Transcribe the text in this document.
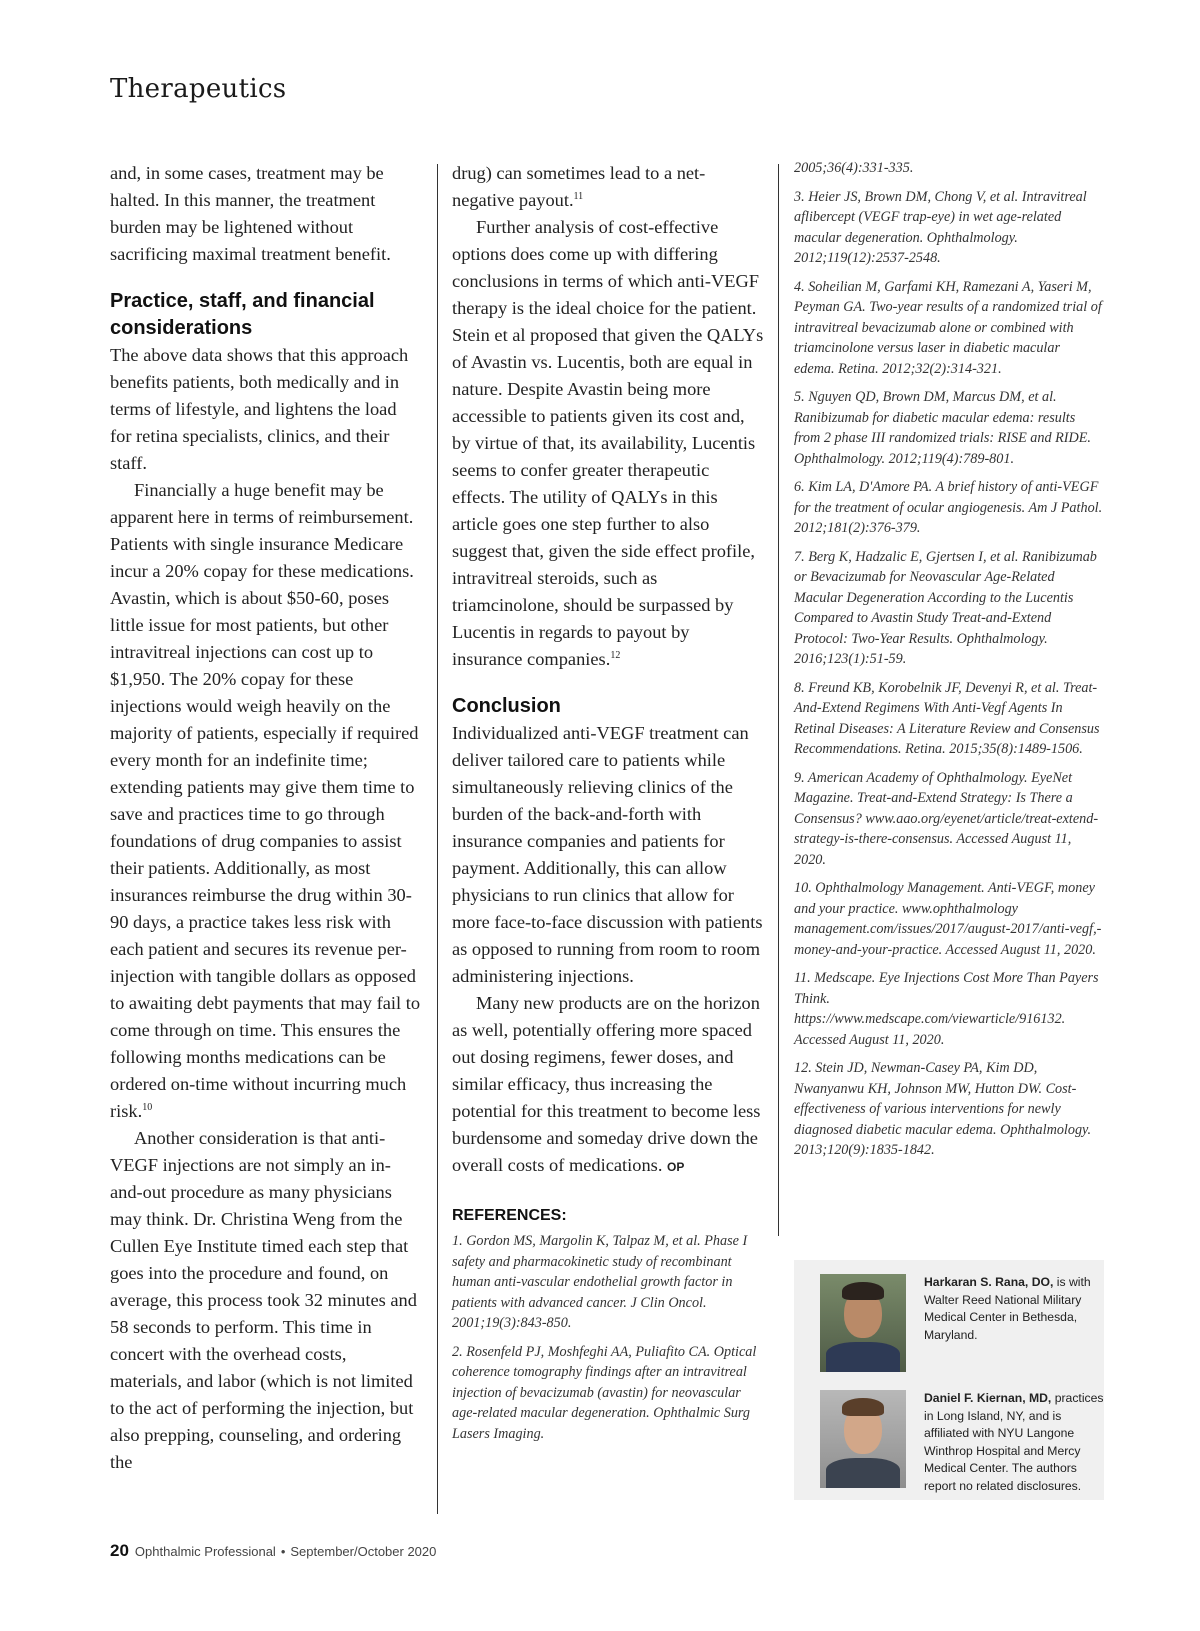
Therapeutics

and, in some cases, treatment may be halted. In this manner, the treatment burden may be lightened without sacrificing maximal treatment benefit.

Practice, staff, and financial considerations

The above data shows that this approach benefits patients, both medically and in terms of lifestyle, and lightens the load for retina specialists, clinics, and their staff.

Financially a huge benefit may be apparent here in terms of reimbursement. Patients with single insurance Medicare incur a 20% copay for these medications. Avastin, which is about $50-60, poses little issue for most patients, but other intravitreal injections can cost up to $1,950. The 20% copay for these injections would weigh heavily on the majority of patients, especially if required every month for an indefinite time; extending patients may give them time to save and practices time to go through foundations of drug companies to assist their patients. Additionally, as most insurances reimburse the drug within 30-90 days, a practice takes less risk with each patient and secures its revenue per-injection with tangible dollars as opposed to awaiting debt payments that may fail to come through on time. This ensures the following months medications can be ordered on-time without incurring much risk.$^{10}$

Another consideration is that anti-VEGF injections are not simply an in-and-out procedure as many physicians may think. Dr. Christina Weng from the Cullen Eye Institute timed each step that goes into the procedure and found, on average, this process took 32 minutes and 58 seconds to perform. This time in concert with the overhead costs, materials, and labor (which is not limited to the act of performing the injection, but also prepping, counseling, and ordering the

drug) can sometimes lead to a net-negative payout.$^{11}$

Further analysis of cost-effective options does come up with differing conclusions in terms of which anti-VEGF therapy is the ideal choice for the patient. Stein et al proposed that given the QALYs of Avastin vs. Lucentis, both are equal in nature. Despite Avastin being more accessible to patients given its cost and, by virtue of that, its availability, Lucentis seems to confer greater therapeutic effects. The utility of QALYs in this article goes one step further to also suggest that, given the side effect profile, intravitreal steroids, such as triamcinolone, should be surpassed by Lucentis in regards to payout by insurance companies.$^{12}$

Conclusion

Individualized anti-VEGF treatment can deliver tailored care to patients while simultaneously relieving clinics of the burden of the back-and-forth with insurance companies and patients for payment. Additionally, this can allow physicians to run clinics that allow for more face-to-face discussion with patients as opposed to running from room to room administering injections.

Many new products are on the horizon as well, potentially offering more spaced out dosing regimens, fewer doses, and similar efficacy, thus increasing the potential for this treatment to become less burdensome and someday drive down the overall costs of medications. OP

REFERENCES:

1. Gordon MS, Margolin K, Talpaz M, et al. Phase I safety and pharmacokinetic study of recombinant human anti-vascular endothelial growth factor in patients with advanced cancer. J Clin Oncol. 2001;19(3):843-850.

2. Rosenfeld PJ, Moshfeghi AA, Puliafito CA. Optical coherence tomography findings after an intravitreal injection of bevacizumab (avastin) for neovascular age-related macular degeneration. Ophthalmic Surg Lasers Imaging.

2005;36(4):331-335.

3. Heier JS, Brown DM, Chong V, et al. Intravitreal aflibercept (VEGF trap-eye) in wet age-related macular degeneration. Ophthalmology. 2012;119(12):2537-2548.

4. Soheilian M, Garfami KH, Ramezani A, Yaseri M, Peyman GA. Two-year results of a randomized trial of intravitreal bevacizumab alone or combined with triamcinolone versus laser in diabetic macular edema. Retina. 2012;32(2):314-321.

5. Nguyen QD, Brown DM, Marcus DM, et al. Ranibizumab for diabetic macular edema: results from 2 phase III randomized trials: RISE and RIDE. Ophthalmology. 2012;119(4):789-801.

6. Kim LA, D'Amore PA. A brief history of anti-VEGF for the treatment of ocular angiogenesis. Am J Pathol. 2012;181(2):376-379.

7. Berg K, Hadzalic E, Gjertsen I, et al. Ranibizumab or Bevacizumab for Neovascular Age-Related Macular Degeneration According to the Lucentis Compared to Avastin Study Treat-and-Extend Protocol: Two-Year Results. Ophthalmology. 2016;123(1):51-59.

8. Freund KB, Korobelnik JF, Devenyi R, et al. Treat-And-Extend Regimens With Anti-Vegf Agents In Retinal Diseases: A Literature Review and Consensus Recommendations. Retina. 2015;35(8):1489-1506.

9. American Academy of Ophthalmology. EyeNet Magazine. Treat-and-Extend Strategy: Is There a Consensus? www.aao.org/eyenet/article/treat-extend-strategy-is-there-consensus. Accessed August 11, 2020.

10. Ophthalmology Management. Anti-VEGF, money and your practice. www.ophthalmology management.com/issues/2017/august-2017/anti-vegf,-money-and-your-practice. Accessed August 11, 2020.

11. Medscape. Eye Injections Cost More Than Payers Think. https://www.medscape.com/viewarticle/916132. Accessed August 11, 2020.

12. Stein JD, Newman-Casey PA, Kim DD, Nwanyanwu KH, Johnson MW, Hutton DW. Cost-effectiveness of various interventions for newly diagnosed diabetic macular edema. Ophthalmology. 2013;120(9):1835-1842.

Harkaran S. Rana, DO, is with Walter Reed National Military Medical Center in Bethesda, Maryland.
Daniel F. Kiernan, MD, practices in Long Island, NY, and is affiliated with NYU Langone Winthrop Hospital and Mercy Medical Center. The authors report no related disclosures.
20 Ophthalmic Professional • September/October 2020
